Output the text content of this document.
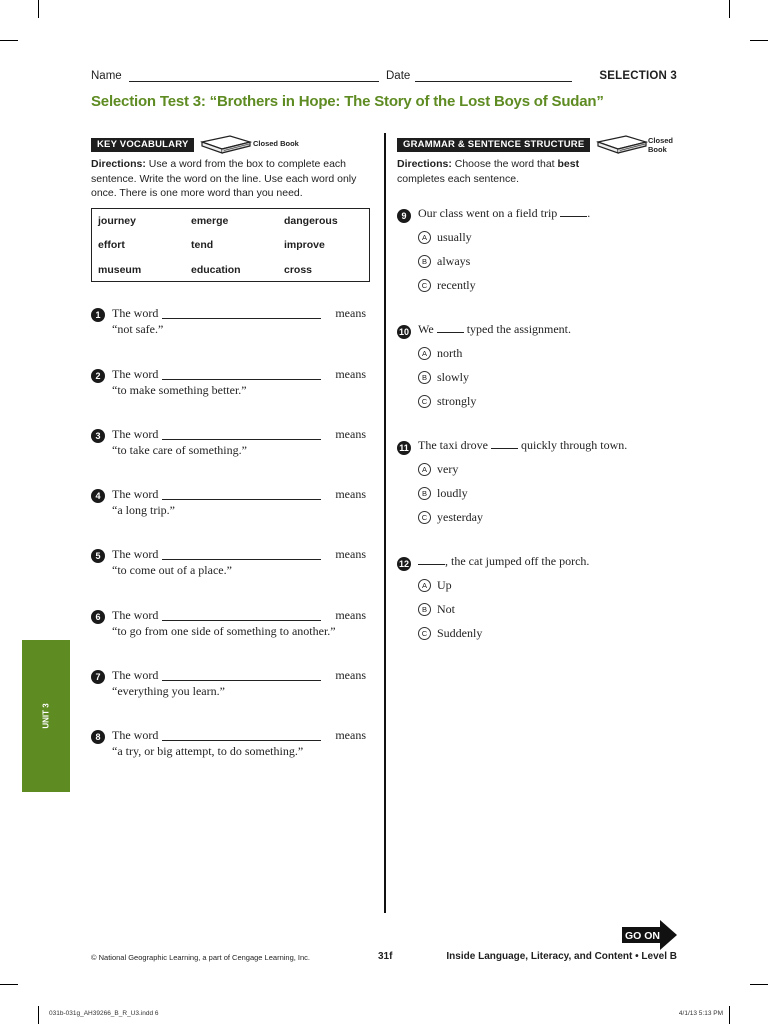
Name	Date	SELECTION 3
Selection Test 3: “Brothers in Hope: The Story of the Lost Boys of Sudan”
KEY VOCABULARY	Closed Book
Directions: Use a word from the box to complete each sentence. Write the word on the line. Use each word only once. There is one more word than you need.
journey	emerge	dangerous
effort	tend	improve
museum	education	cross
1 The word	means
“not safe.”
2 The word	means
“to make something better.”
3 The word	means
“to take care of something.”
4 The word	means
“a long trip.”
5 The word	means
“to come out of a place.”
6 The word	means
“to go from one side of something to another.”
7 The word	means
“everything you learn.”
8 The word	means
“a try, or big attempt, to do something.”
GRAMMAR & SENTENCE STRUCTURE	Closed
Book
Directions: Choose the word that best
completes each sentence.
9 Our class went on a field trip .
A usually
B always
C recently
10 We  typed the assignment.
A north
B slowly
C strongly
11 The taxi drove  quickly through town.
A very
B loudly
C yesterday
12	, the cat jumped off the porch.
A Up
B Not
C Suddenly
UNIT 3
GO ON
© National Geographic Learning, a part of Cengage Learning, Inc.	31f	Inside Language, Literacy, and Content • Level B
031b-031g_AH39266_B_R_U3.indd 6	4/1/13 5:13 PM
